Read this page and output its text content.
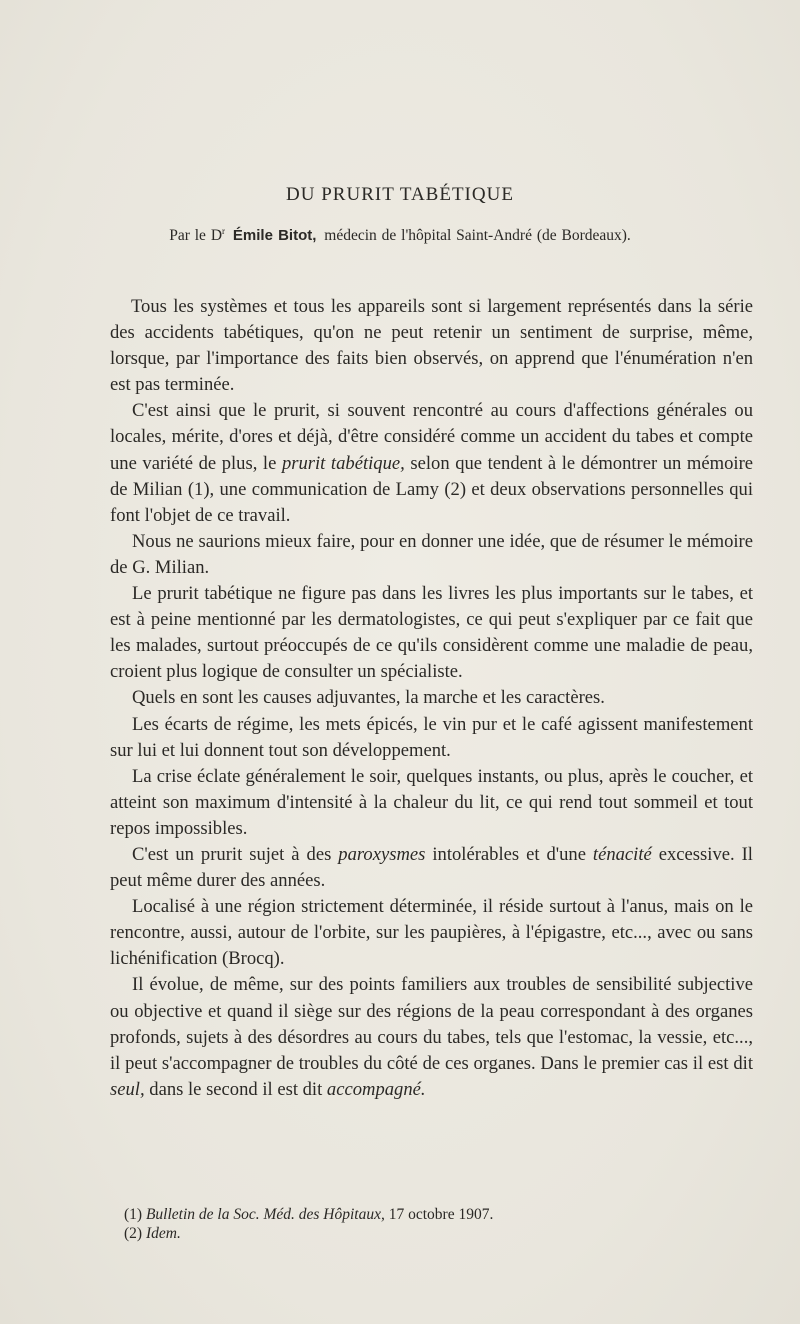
DU PRURIT TABÉTIQUE
Par le $D^r$ Émile Bitot, médecin de l'hôpital Saint-André (de Bordeaux).

Tous les systèmes et tous les appareils sont si largement représentés dans la série des accidents tabétiques, qu'on ne peut retenir un sentiment de surprise, même, lorsque, par l'importance des faits bien observés, on apprend que l'énumération n'en est pas terminée.

C'est ainsi que le prurit, si souvent rencontré au cours d'affections générales ou locales, mérite, d'ores et déjà, d'être considéré comme un accident du tabes et compte une variété de plus, le prurit tabétique, selon que tendent à le démontrer un mémoire de Milian (1), une communication de Lamy (2) et deux observations personnelles qui font l'objet de ce travail.

Nous ne saurions mieux faire, pour en donner une idée, que de résumer le mémoire de G. Milian.

Le prurit tabétique ne figure pas dans les livres les plus importants sur le tabes, et est à peine mentionné par les dermatologistes, ce qui peut s'expliquer par ce fait que les malades, surtout préoccupés de ce qu'ils considèrent comme une maladie de peau, croient plus logique de consulter un spécialiste.

Quels en sont les causes adjuvantes, la marche et les caractères.

Les écarts de régime, les mets épicés, le vin pur et le café agissent manifestement sur lui et lui donnent tout son développement.

La crise éclate généralement le soir, quelques instants, ou plus, après le coucher, et atteint son maximum d'intensité à la chaleur du lit, ce qui rend tout sommeil et tout repos impossibles.

C'est un prurit sujet à des paroxysmes intolérables et d'une ténacité excessive. Il peut même durer des années.

Localisé à une région strictement déterminée, il réside surtout à l'anus, mais on le rencontre, aussi, autour de l'orbite, sur les paupières, à l'épigastre, etc..., avec ou sans lichénification (Brocq).

Il évolue, de même, sur des points familiers aux troubles de sensibilité subjective ou objective et quand il siège sur des régions de la peau correspondant à des organes profonds, sujets à des désordres au cours du tabes, tels que l'estomac, la vessie, etc..., il peut s'accompagner de troubles du côté de ces organes. Dans le premier cas il est dit seul, dans le second il est dit accompagné.

(1) Bulletin de la Soc. Méd. des Hôpitaux, 17 octobre 1907.
(2) Idem.
